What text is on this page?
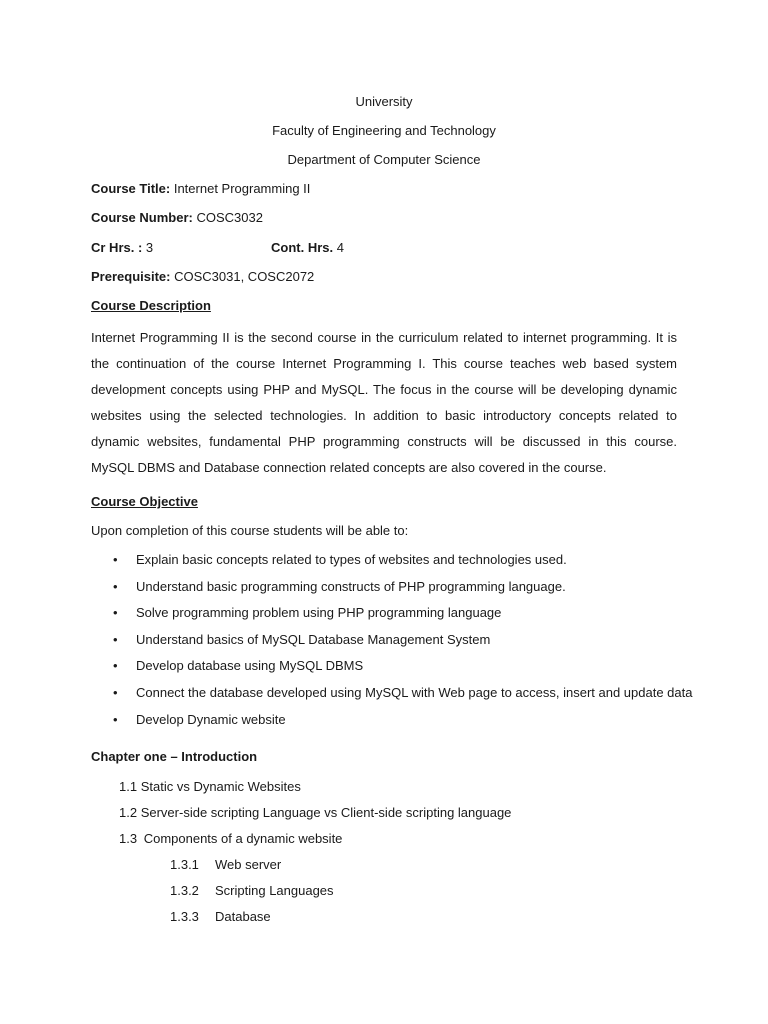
University
Faculty of Engineering and Technology
Department of Computer Science
Course Title: Internet Programming II
Course Number: COSC3032
Cr Hrs. : 3	Cont. Hrs. 4
Prerequisite: COSC3031, COSC2072
Course Description

Internet Programming II is the second course in the curriculum related to internet programming. It is the continuation of the course Internet Programming I. This course teaches web based system development concepts using PHP and MySQL. The focus in the course will be developing dynamic websites using the selected technologies. In addition to basic introductory concepts related to dynamic websites, fundamental PHP programming constructs will be discussed in this course. MySQL DBMS and Database connection related concepts are also covered in the course.

Course Objective
Upon completion of this course students will be able to:
• Explain basic concepts related to types of websites and technologies used.
• Understand basic programming constructs of PHP programming language.
• Solve programming problem using PHP programming language
• Understand basics of MySQL Database Management System
• Develop database using MySQL DBMS
• Connect the database developed using MySQL with Web page to access, insert and update data
• Develop Dynamic website
Chapter one – Introduction
1.1 Static vs Dynamic Websites
1.2 Server-side scripting Language vs Client-side scripting language
1.3 Components of a dynamic website
1.3.1 Web server
1.3.2 Scripting Languages
1.3.3 Database
